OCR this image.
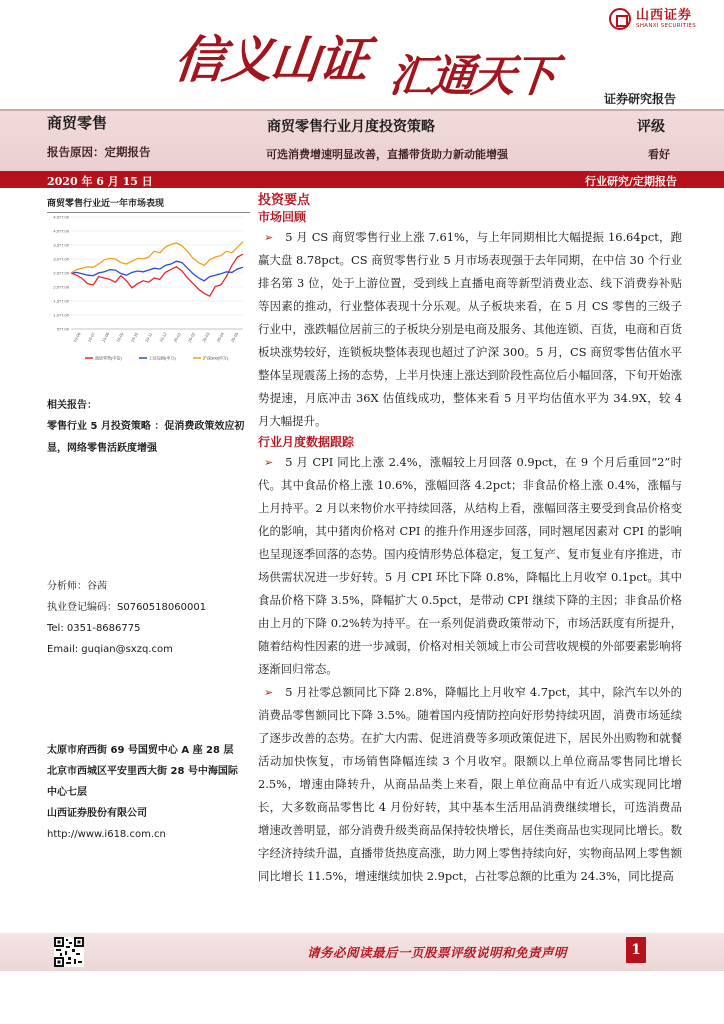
信义山证 汇通天下
山西证券
SHANXI SECURITIES
证券研究报告
商贸零售	商贸零售行业月度投资策略	评级
报告原因：定期报告	可选消费增速明显改善，直播带货助力新动能增强	看好
2020 年 6 月 15 日	行业研究/定期报告
商贸零售行业近一年市场表现
4,577.00
4,077.00
3,577.00
3,077.00
2,577.00
2,077.00
1,577.00
1,077.00
577.00
19-06 19-07 19-08 19-09 19-10 19-11 19-12 20-01 20-02 20-03 20-04 20-05
商贸零售(中信)	上证综指(申万)	沪深300(申万)
相关报告：
零售行业 5 月投资策略 ：促消费政策效应初显，网络零售活跃度增强
分析师：谷茜
执业登记编码：S0760518060001
Tel: 0351-8686775
Email: guqian@sxzq.com
太原市府西街 69 号国贸中心 A 座 28 层
北京市西城区平安里西大街 28 号中海国际中心七层
山西证券股份有限公司
http://www.i618.com.cn
投资要点
市场回顾

➢ 5 月 CS 商贸零售行业上涨 7.61%，与上年同期相比大幅提振 16.64pct，跑赢大盘 8.78pct。CS 商贸零售行业 5 月市场表现强于去年同期，在中信 30 个行业排名第 3 位，处于上游位置，受到线上直播电商等新型消费业态、线下消费券补贴等因素的推动，行业整体表现十分乐观。从子板块来看，在 5 月 CS 零售的三级子行业中，涨跌幅位居前三的子板块分别是电商及服务、其他连锁、百货，电商和百货板块涨势较好，连锁板块整体表现也超过了沪深 300。5 月，CS 商贸零售估值水平整体呈现震荡上扬的态势，上半月快速上涨达到阶段性高位后小幅回落，下旬开始涨势提速，月底冲击 36X 估值线成功，整体来看 5 月平均估值水平为 34.9X，较 4 月大幅提升。

行业月度数据跟踪

➢ 5 月 CPI 同比上涨 2.4%，涨幅较上月回落 0.9pct，在 9 个月后重回“2”时代。其中食品价格上涨 10.6%，涨幅回落 4.2pct；非食品价格上涨 0.4%，涨幅与上月持平。2 月以来物价水平持续回落，从结构上看，涨幅回落主要受到食品价格变化的影响，其中猪肉价格对 CPI 的推升作用逐步回落，同时翘尾因素对 CPI 的影响也呈现逐季回落的态势。国内疫情形势总体稳定，复工复产、复市复业有序推进，市场供需状况进一步好转。5 月 CPI 环比下降 0.8%，降幅比上月收窄 0.1pct。其中食品价格下降 3.5%，降幅扩大 0.5pct，是带动 CPI 继续下降的主因；非食品价格由上月的下降 0.2%转为持平。在一系列促消费政策带动下，市场活跃度有所提升，随着结构性因素的进一步减弱，价格对相关领域上市公司营收规模的外部要素影响将逐渐回归常态。

➢ 5 月社零总额同比下降 2.8%，降幅比上月收窄 4.7pct，其中，除汽车以外的消费品零售额同比下降 3.5%。随着国内疫情防控向好形势持续巩固，消费市场延续了逐步改善的态势。在扩大内需、促进消费等多项政策促进下，居民外出购物和就餐活动加快恢复，市场销售降幅连续 3 个月收窄。限额以上单位商品零售同比增长 2.5%，增速由降转升，从商品品类上来看，限上单位商品中有近八成实现同比增长，大多数商品零售比 4 月份好转，其中基本生活用品消费继续增长，可选消费品增速改善明显，部分消费升级类商品保持较快增长，居住类商品也实现同比增长。数字经济持续升温，直播带货热度高涨，助力网上零售持续向好，实物商品网上零售额同比增长 11.5%，增速继续加快 2.9pct，占社零总额的比重为 24.3%，同比提高

请务必阅读最后一页股票评级说明和免责声明	1
